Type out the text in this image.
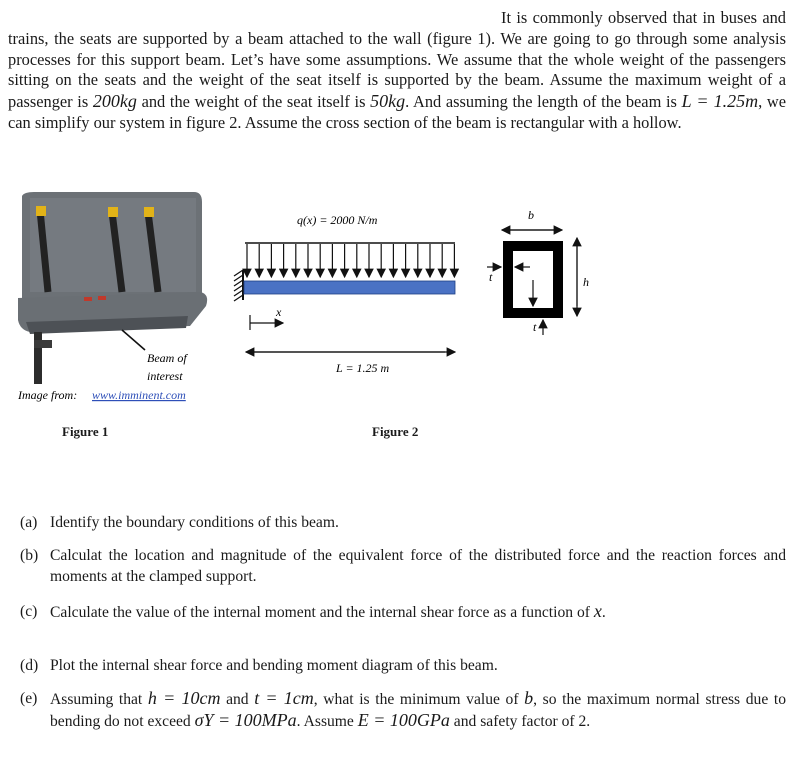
It is commonly observed that in buses and trains, the seats are supported by a beam attached to the wall (figure 1). We are going to go through some analysis processes for this support beam. Let’s have some assumptions. We assume that the whole weight of the passengers sitting on the seats and the weight of the seat itself is supported by the beam. Assume the maximum weight of a passenger is 200kg and the weight of the seat itself is 50kg. And assuming the length of the beam is L = 1.25m, we can simplify our system in figure 2. Assume the cross section of the beam is rectangular with a hollow.
Beam of
interest
Image from: www.imminent.com
q(x) = 2000 N/m
x
L = 1.25 m
b
h
t
t
Figure 1	Figure 2
(a) Identify the boundary conditions of this beam.
(b) Calculat the location and magnitude of the equivalent force of the distributed force and the reaction forces and moments at the clamped support.
(c) Calculate the value of the internal moment and the internal shear force as a function of x.
(d) Plot the internal shear force and bending moment diagram of this beam.
(e) Assuming that h = 10cm and t = 1cm, what is the minimum value of b, so the maximum normal stress due to bending do not exceed σY = 100MPa. Assume E = 100GPa and safety factor of 2.
